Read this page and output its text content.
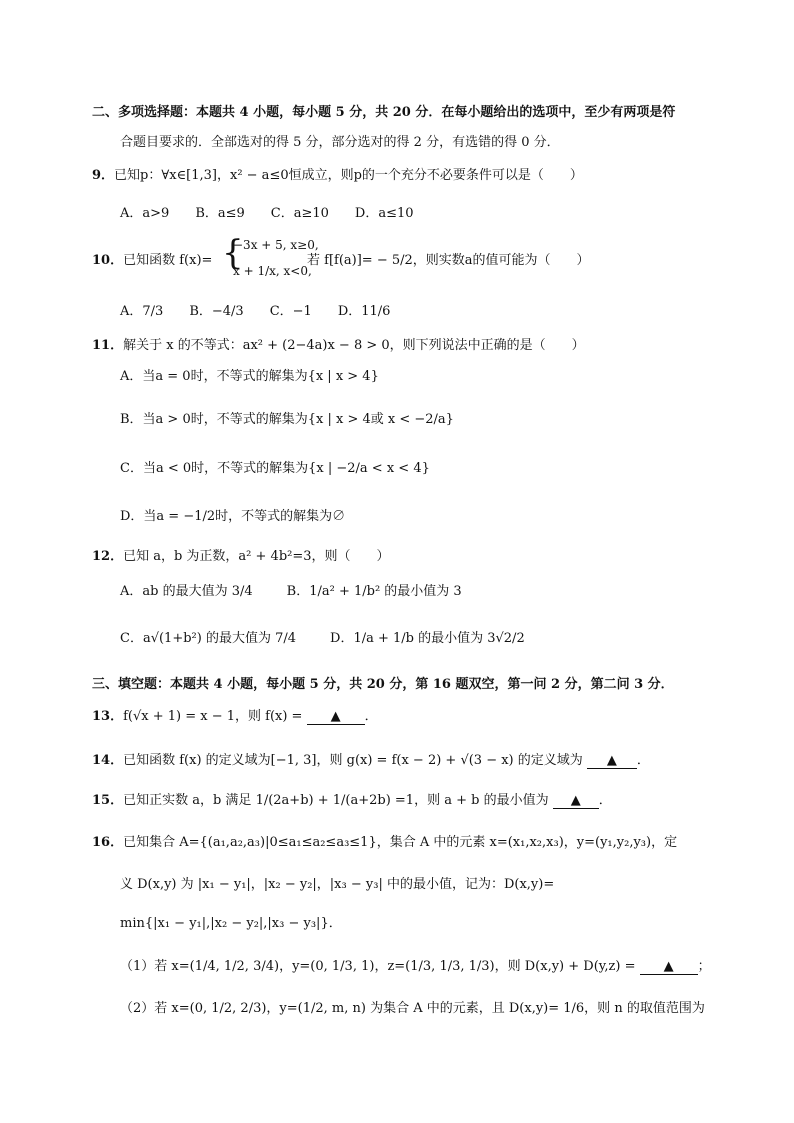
二、多项选择题：本题共 4 小题，每小题 5 分，共 20 分．在每小题给出的选项中，至少有两项是符
合题目要求的．全部选对的得 5 分，部分选对的得 2 分，有选错的得 0 分．
9．已知p：∀x∈[1,3]，x² − a≤0恒成立，则p的一个充分不必要条件可以是（　　）
A．a>9 B．a≤9 C．a≥10 D．a≤10
10．已知函数 f(x)= {
−3x + 5, x≥0,
x + 1/x, x<0,
若 f[f(a)]= − 5/2，则实数a的值可能为（　　）
A．7/3 B．−4/3 C．−1 D．11/6
11．解关于 x 的不等式：ax² + (2−4a)x − 8 > 0，则下列说法中正确的是（　　）
A．当a = 0时，不等式的解集为{x | x > 4}
B．当a > 0时，不等式的解集为{x | x > 4或 x < −2/a}
C．当a < 0时，不等式的解集为{x | −2/a < x < 4}
D．当a = −1/2时，不等式的解集为∅
12．已知 a，b 为正数，a² + 4b²=3，则（　　）
A．ab 的最大值为 3/4	B．1/a² + 1/b² 的最小值为 3
C．a√(1+b²) 的最大值为 7/4	D．1/a + 1/b 的最小值为 3√2/2
三、填空题：本题共 4 小题，每小题 5 分，共 20 分，第 16 题双空，第一问 2 分，第二问 3 分．
13．f(√x + 1) = x − 1，则 f(x) = ▲ ．
14．已知函数 f(x) 的定义域为[−1, 3]，则 g(x) = f(x − 2) + √(3 − x) 的定义域为 ▲ ．
15．已知正实数 a，b 满足 1/(2a+b) + 1/(a+2b) =1，则 a + b 的最小值为 ▲ ．
16．已知集合 A={(a₁,a₂,a₃)|0≤a₁≤a₂≤a₃≤1}，集合 A 中的元素 x=(x₁,x₂,x₃)，y=(y₁,y₂,y₃)，定
义 D(x,y) 为 |x₁ − y₁|，|x₂ − y₂|，|x₃ − y₃| 中的最小值，记为：D(x,y)=
min{|x₁ − y₁|,|x₂ − y₂|,|x₃ − y₃|}．
（1）若 x=(1/4, 1/2, 3/4)，y=(0, 1/3, 1)，z=(1/3, 1/3, 1/3)，则 D(x,y) + D(y,z) = ▲ ；
（2）若 x=(0, 1/2, 2/3)，y=(1/2, m, n) 为集合 A 中的元素，且 D(x,y)= 1/6，则 n 的取值范围为
